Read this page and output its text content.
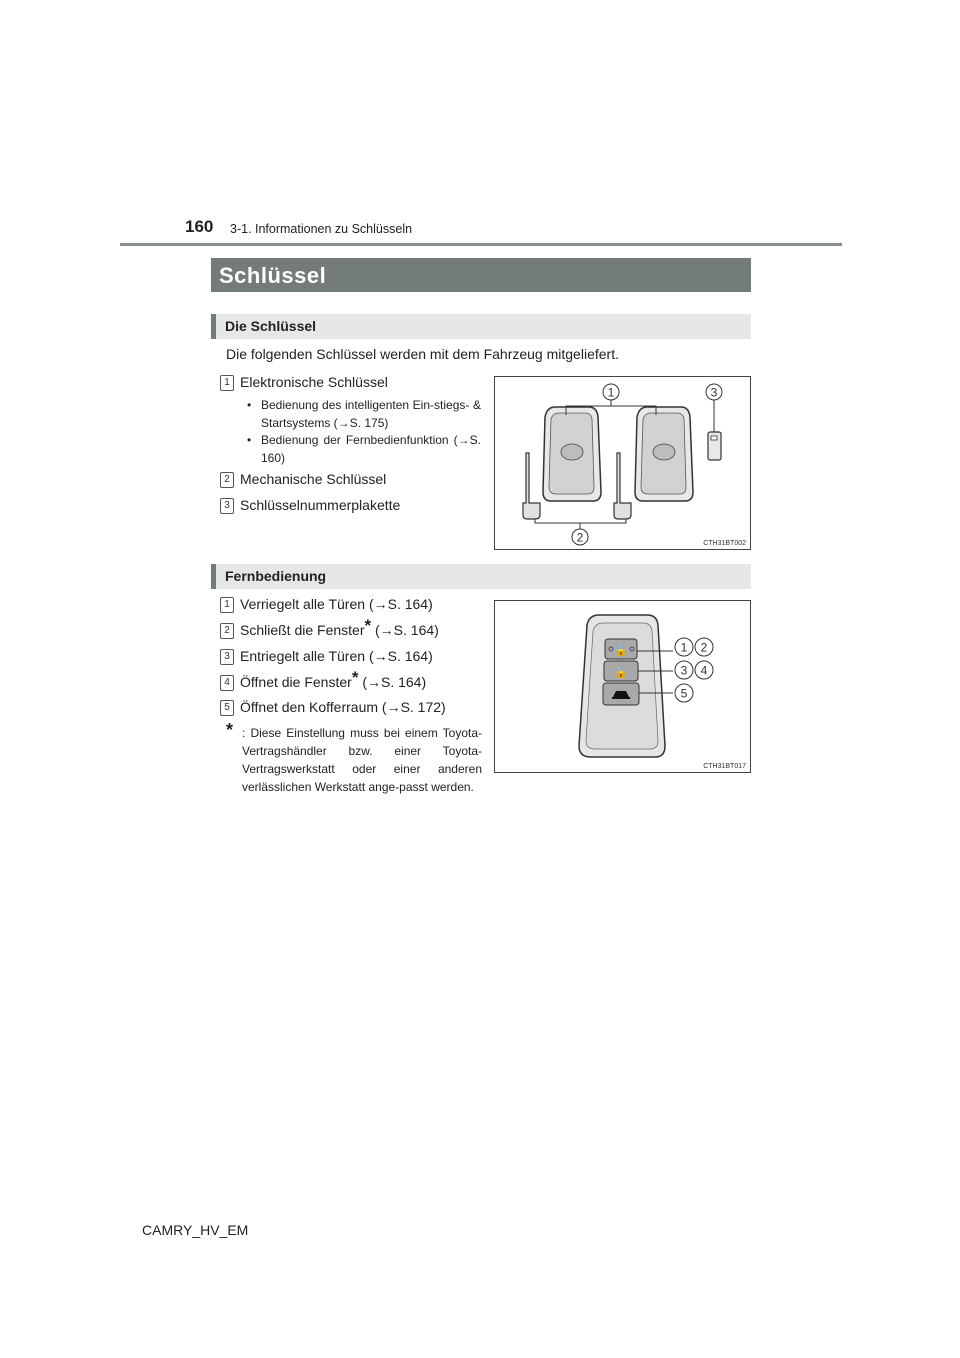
160 3-1. Informationen zu Schlüsseln
Schlüssel
Die Schlüssel
Die folgenden Schlüssel werden mit dem Fahrzeug mitgeliefert.
1 Elektronische Schlüssel
• Bedienung des intelligenten Ein-stiegs- & Startsystems (→S. 175)
• Bedienung der Fernbedienfunktion (→S. 160)
2 Mechanische Schlüssel
3 Schlüsselnummerplakette
1
2
3
CTH31BT002
Fernbedienung
1 Verriegelt alle Türen (→S. 164)
2 Schließt die Fenster* (→S. 164)
3 Entriegelt alle Türen (→S. 164)
4 Öffnet die Fenster* (→S. 164)
5 Öffnet den Kofferraum (→S. 172)
* : Diese Einstellung muss bei einem Toyota-Vertragshändler bzw. einer Toyota-Vertragswerkstatt oder einer anderen verlässlichen Werkstatt ange-passt werden.
🔒
🔓
1 2
3 4
5
CTH31BT017
CAMRY_HV_EM
